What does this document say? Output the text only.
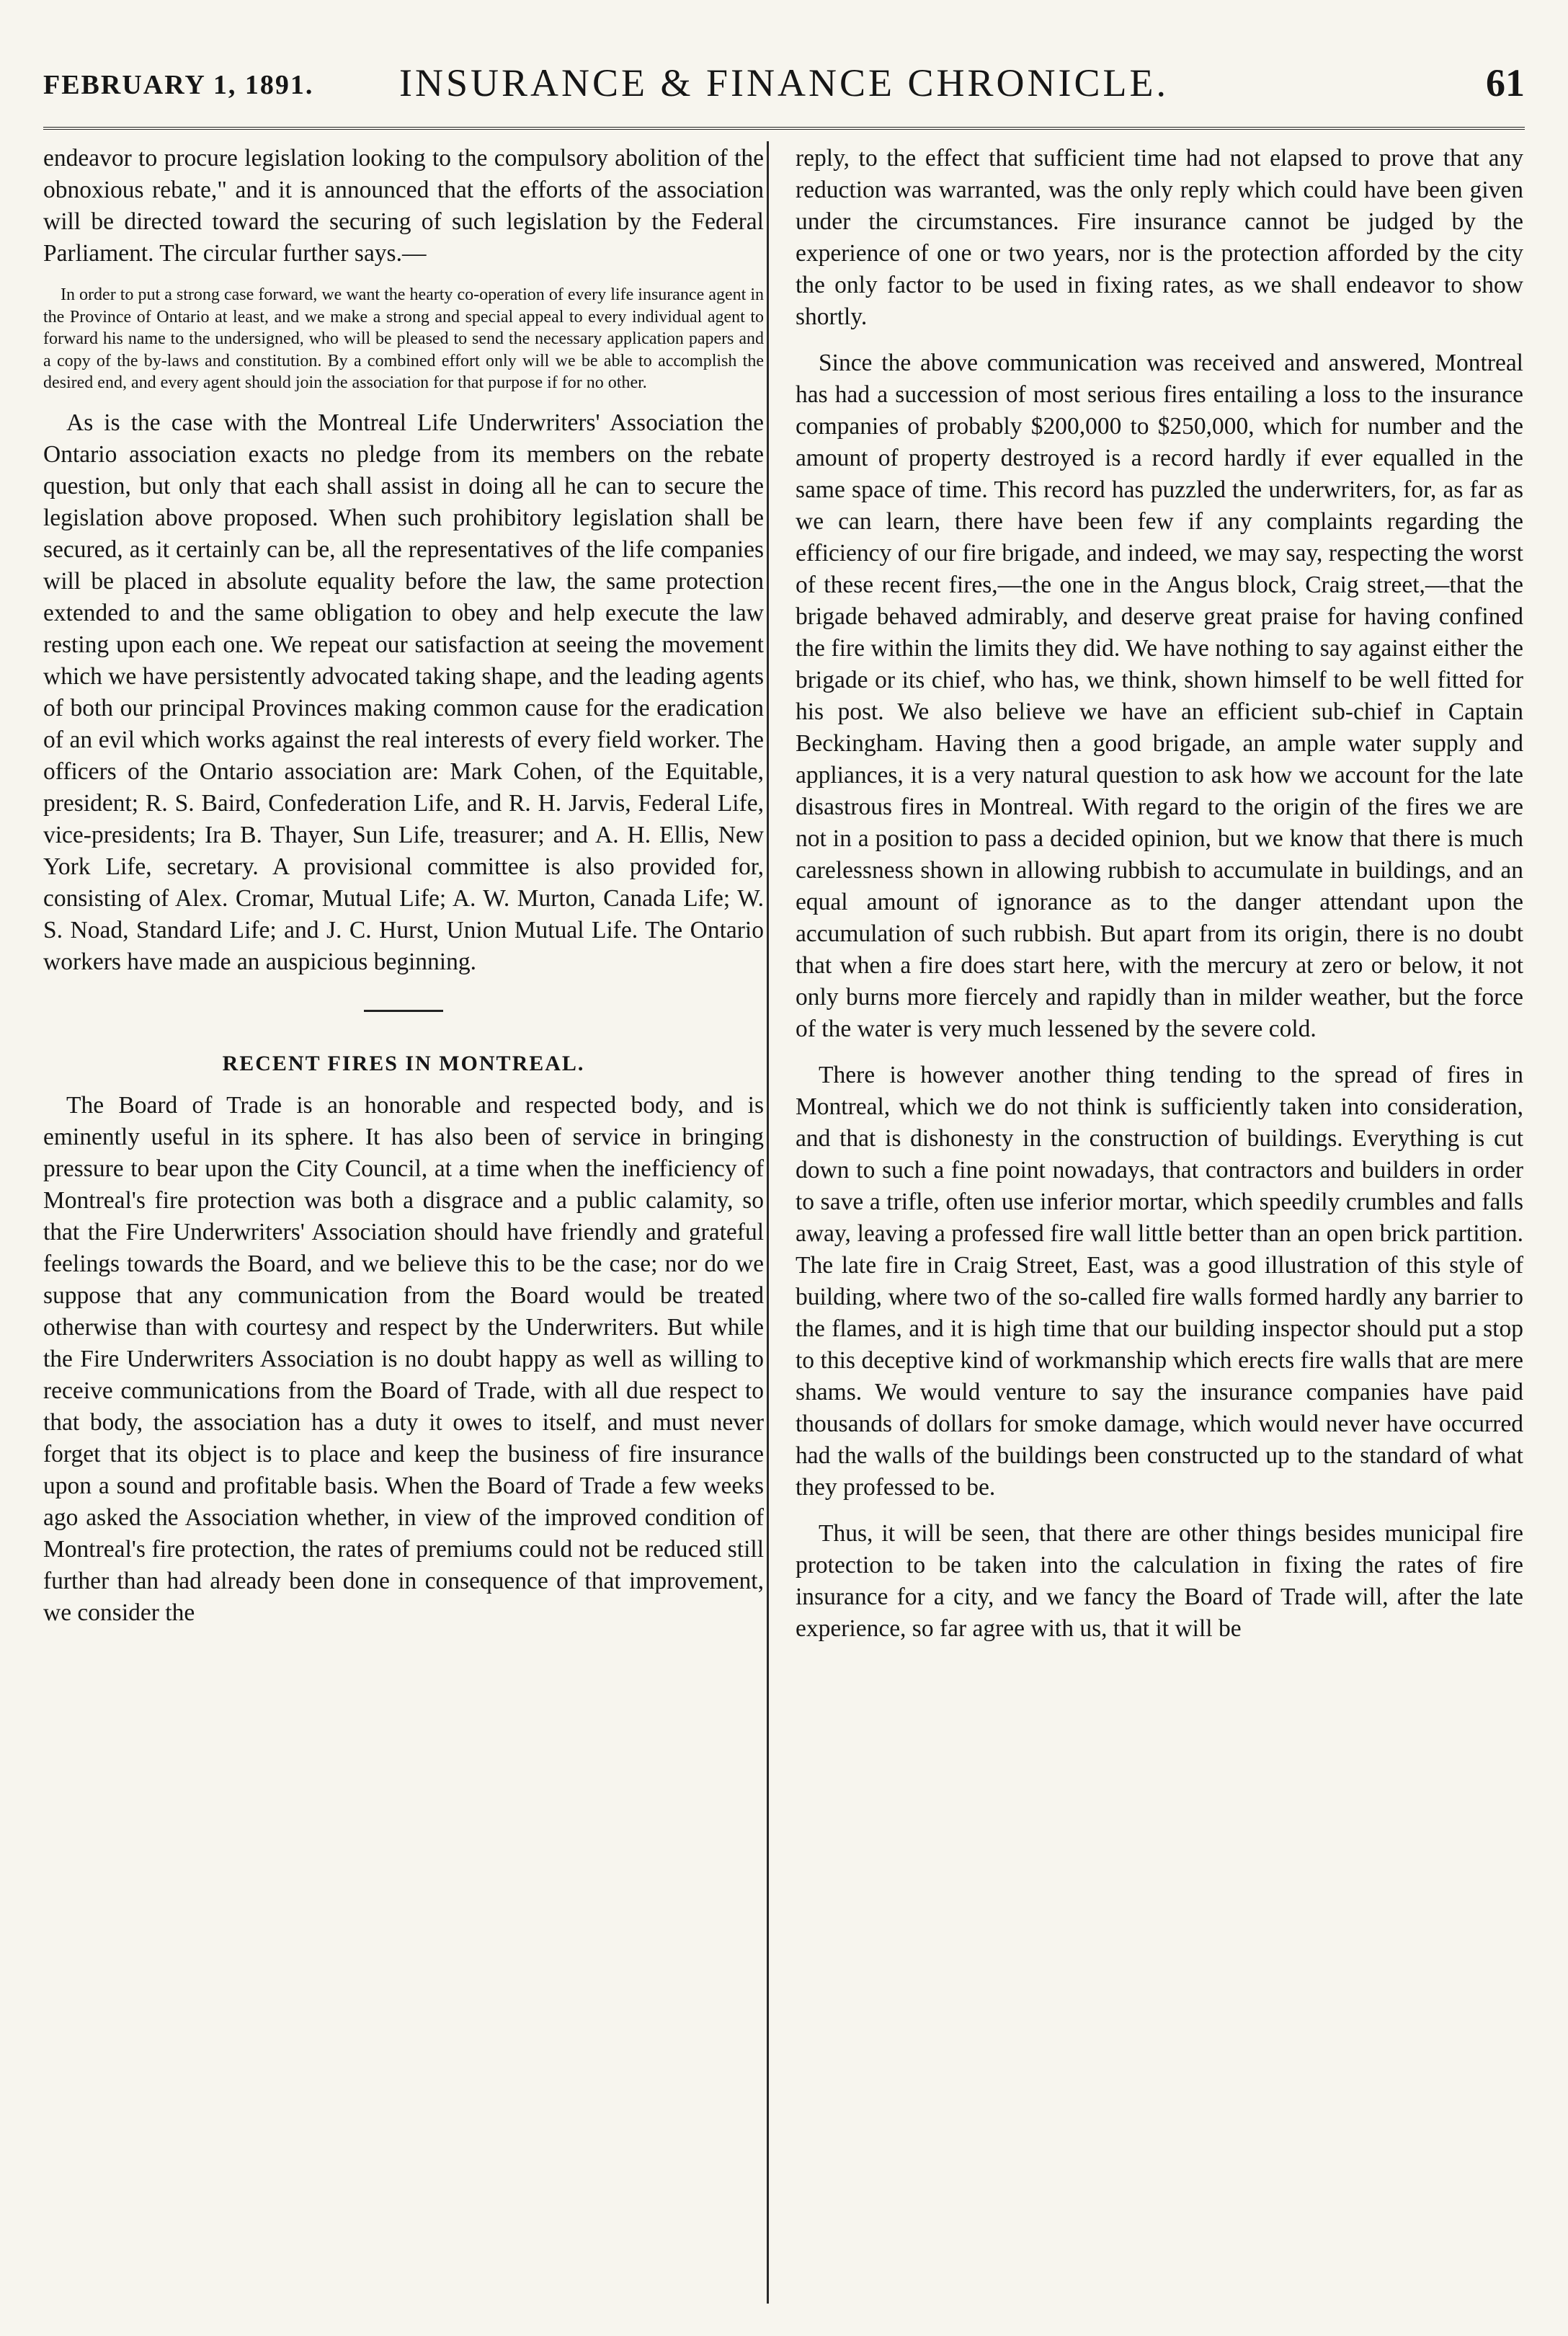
FEBRUARY 1, 1891.	INSURANCE & FINANCE CHRONICLE.	61

endeavor to procure legislation looking to the compulsory abolition of the obnoxious rebate," and it is announced that the efforts of the association will be directed toward the securing of such legislation by the Federal Parliament. The circular further says.—

In order to put a strong case forward, we want the hearty co-operation of every life insurance agent in the Province of Ontario at least, and we make a strong and special appeal to every individual agent to forward his name to the undersigned, who will be pleased to send the necessary application papers and a copy of the by-laws and constitution. By a combined effort only will we be able to accomplish the desired end, and every agent should join the association for that purpose if for no other.

As is the case with the Montreal Life Underwriters' Association the Ontario association exacts no pledge from its members on the rebate question, but only that each shall assist in doing all he can to secure the legislation above proposed. When such prohibitory legislation shall be secured, as it certainly can be, all the representatives of the life companies will be placed in absolute equality before the law, the same protection extended to and the same obligation to obey and help execute the law resting upon each one. We repeat our satisfaction at seeing the movement which we have persistently advocated taking shape, and the leading agents of both our principal Provinces making common cause for the eradication of an evil which works against the real interests of every field worker. The officers of the Ontario association are: Mark Cohen, of the Equitable, president; R. S. Baird, Confederation Life, and R. H. Jarvis, Federal Life, vice-presidents; Ira B. Thayer, Sun Life, treasurer; and A. H. Ellis, New York Life, secretary. A provisional committee is also provided for, consisting of Alex. Cromar, Mutual Life; A. W. Murton, Canada Life; W. S. Noad, Standard Life; and J. C. Hurst, Union Mutual Life. The Ontario workers have made an auspicious beginning.

RECENT FIRES IN MONTREAL.

The Board of Trade is an honorable and respected body, and is eminently useful in its sphere. It has also been of service in bringing pressure to bear upon the City Council, at a time when the inefficiency of Montreal's fire protection was both a disgrace and a public calamity, so that the Fire Underwriters' Association should have friendly and grateful feelings towards the Board, and we believe this to be the case; nor do we suppose that any communication from the Board would be treated otherwise than with courtesy and respect by the Underwriters. But while the Fire Underwriters Association is no doubt happy as well as willing to receive communications from the Board of Trade, with all due respect to that body, the association has a duty it owes to itself, and must never forget that its object is to place and keep the business of fire insurance upon a sound and profitable basis. When the Board of Trade a few weeks ago asked the Association whether, in view of the improved condition of Montreal's fire protection, the rates of premiums could not be reduced still further than had already been done in consequence of that improvement, we consider the

reply, to the effect that sufficient time had not elapsed to prove that any reduction was warranted, was the only reply which could have been given under the circumstances. Fire insurance cannot be judged by the experience of one or two years, nor is the protection afforded by the city the only factor to be used in fixing rates, as we shall endeavor to show shortly.

Since the above communication was received and answered, Montreal has had a succession of most serious fires entailing a loss to the insurance companies of probably $200,000 to $250,000, which for number and the amount of property destroyed is a record hardly if ever equalled in the same space of time. This record has puzzled the underwriters, for, as far as we can learn, there have been few if any complaints regarding the efficiency of our fire brigade, and indeed, we may say, respecting the worst of these recent fires,—the one in the Angus block, Craig street,—that the brigade behaved admirably, and deserve great praise for having confined the fire within the limits they did. We have nothing to say against either the brigade or its chief, who has, we think, shown himself to be well fitted for his post. We also believe we have an efficient sub-chief in Captain Beckingham. Having then a good brigade, an ample water supply and appliances, it is a very natural question to ask how we account for the late disastrous fires in Montreal. With regard to the origin of the fires we are not in a position to pass a decided opinion, but we know that there is much carelessness shown in allowing rubbish to accumulate in buildings, and an equal amount of ignorance as to the danger attendant upon the accumulation of such rubbish. But apart from its origin, there is no doubt that when a fire does start here, with the mercury at zero or below, it not only burns more fiercely and rapidly than in milder weather, but the force of the water is very much lessened by the severe cold.

There is however another thing tending to the spread of fires in Montreal, which we do not think is sufficiently taken into consideration, and that is dishonesty in the construction of buildings. Everything is cut down to such a fine point nowadays, that contractors and builders in order to save a trifle, often use inferior mortar, which speedily crumbles and falls away, leaving a professed fire wall little better than an open brick partition. The late fire in Craig Street, East, was a good illustration of this style of building, where two of the so-called fire walls formed hardly any barrier to the flames, and it is high time that our building inspector should put a stop to this deceptive kind of workmanship which erects fire walls that are mere shams. We would venture to say the insurance companies have paid thousands of dollars for smoke damage, which would never have occurred had the walls of the buildings been constructed up to the standard of what they professed to be.

Thus, it will be seen, that there are other things besides municipal fire protection to be taken into the calculation in fixing the rates of fire insurance for a city, and we fancy the Board of Trade will, after the late experience, so far agree with us, that it will be
